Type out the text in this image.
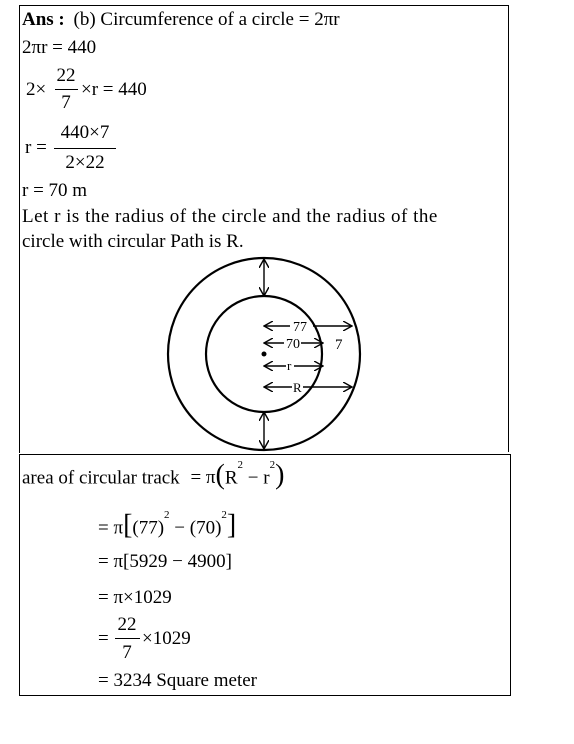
Ans : (b) Circumference of a circle = 2πr
2πr = 440
2×
22
7
×r = 440
r =
440×7
2×22
r = 70 m
Let r is the radius of the circle and the radius of the
circle with circular Path is R.
77
70 7
r
R
area of circular track = $\pi(R^2 - r^2)$
= $\pi[(77)^2 - (70)^2]$
= π[5929 − 4900]
= π×1029
=
22
7
×1029
= 3234 Square meter
